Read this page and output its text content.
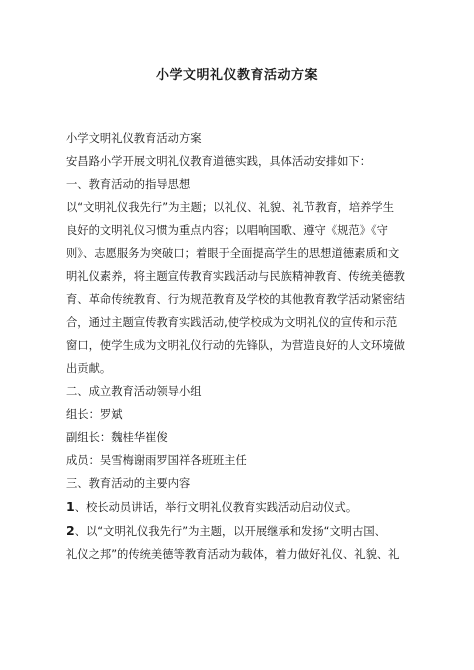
小学文明礼仪教育活动方案

小学文明礼仪教育活动方案

安昌路小学开展文明礼仪教育道德实践，具体活动安排如下：

一、教育活动的指导思想

以“文明礼仪我先行”为主题；以礼仪、礼貌、礼节教育，培养学生

良好的文明礼仪习惯为重点内容；以唱响国歌、遵守《规范》《守

则》、志愿服务为突破口；着眼于全面提高学生的思想道德素质和文

明礼仪素养，将主题宣传教育实践活动与民族精神教育、传统美德教

育、革命传统教育、行为规范教育及学校的其他教育教学活动紧密结

合，通过主题宣传教育实践活动,使学校成为文明礼仪的宣传和示范

窗口，使学生成为文明礼仪行动的先锋队，为营造良好的人文环境做

出贡献。

二、成立教育活动领导小组

组长：罗斌

副组长：魏桂华崔俊

成员：吴雪梅谢雨罗国祥各班班主任

三、教育活动的主要内容

1、校长动员讲话，举行文明礼仪教育实践活动启动仪式。

2、以“文明礼仪我先行”为主题，以开展继承和发扬“文明古国、

礼仪之邦”的传统美德等教育活动为载体，着力做好礼仪、礼貌、礼
